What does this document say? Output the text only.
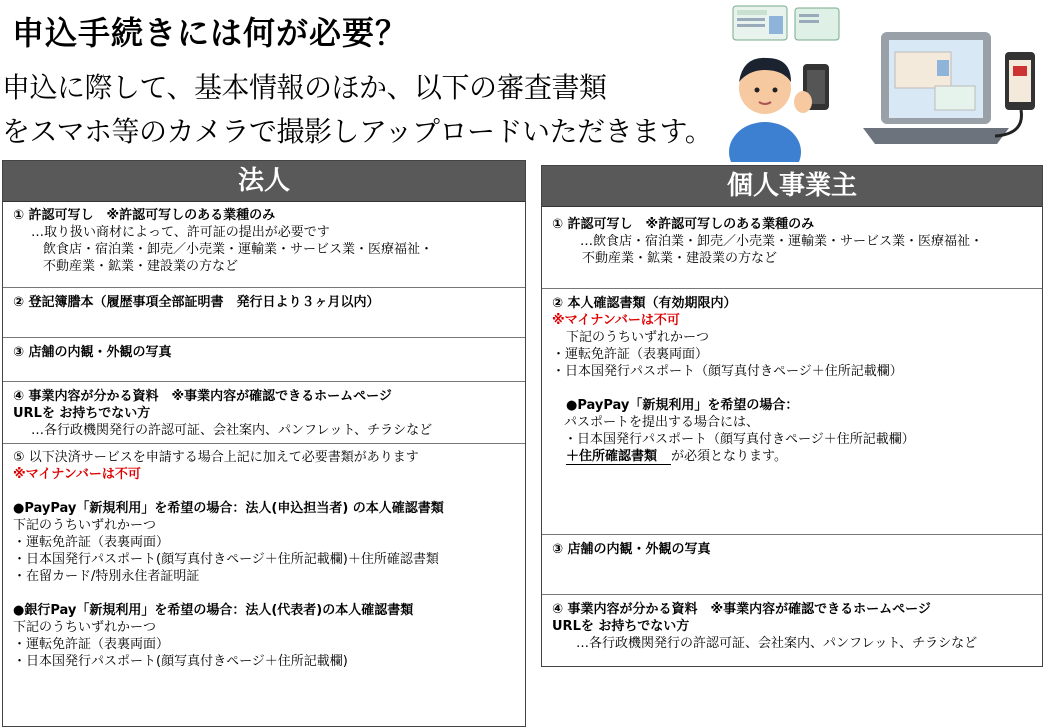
申込手続きには何が必要？
申込に際して、基本情報のほか、以下の審査書類
をスマホ等のカメラで撮影しアップロードいただきます。
法人
① 許認可写し　※許認可写しのある業種のみ
…取り扱い商材によって、許可証の提出が必要です
飲食店・宿泊業・卸売／小売業・運輸業・サービス業・医療福祉・
不動産業・鉱業・建設業の方など
② 登記簿謄本（履歴事項全部証明書　発行日より３ヶ月以内）
③ 店舗の内観・外観の写真
④ 事業内容が分かる資料　※事業内容が確認できるホームページ
URLを お持ちでない方
…各行政機関発行の許認可証、会社案内、パンフレット、チラシなど
⑤ 以下決済サービスを申請する場合上記に加えて必要書類があります
※マイナンバーは不可
●PayPay「新規利用」を希望の場合：法人(申込担当者) の本人確認書類
下記のうちいずれかーつ
・運転免許証（表裏両面）
・日本国発行パスポート(顔写真付きページ＋住所記載欄)＋住所確認書類
・在留カード/特別永住者証明証
●銀行Pay「新規利用」を希望の場合：法人(代表者)の本人確認書類
下記のうちいずれかーつ
・運転免許証（表裏両面）
・日本国発行パスポート(顔写真付きページ＋住所記載欄)
個人事業主
① 許認可写し　※許認可写しのある業種のみ
…飲食店・宿泊業・卸売／小売業・運輸業・サービス業・医療福祉・
不動産業・鉱業・建設業の方など
② 本人確認書類（有効期限内）
※マイナンバーは不可
下記のうちいずれかーつ
・運転免許証（表裏両面）
・日本国発行パスポート（顔写真付きページ＋住所記載欄）
●PayPay「新規利用」を希望の場合：
パスポートを提出する場合には、
・日本国発行パスポート（顔写真付きページ＋住所記載欄）
＋住所確認書類 が必須となります。
③ 店舗の内観・外観の写真
④ 事業内容が分かる資料　※事業内容が確認できるホームページ
URLを お持ちでない方
…各行政機関発行の許認可証、会社案内、パンフレット、チラシなど
